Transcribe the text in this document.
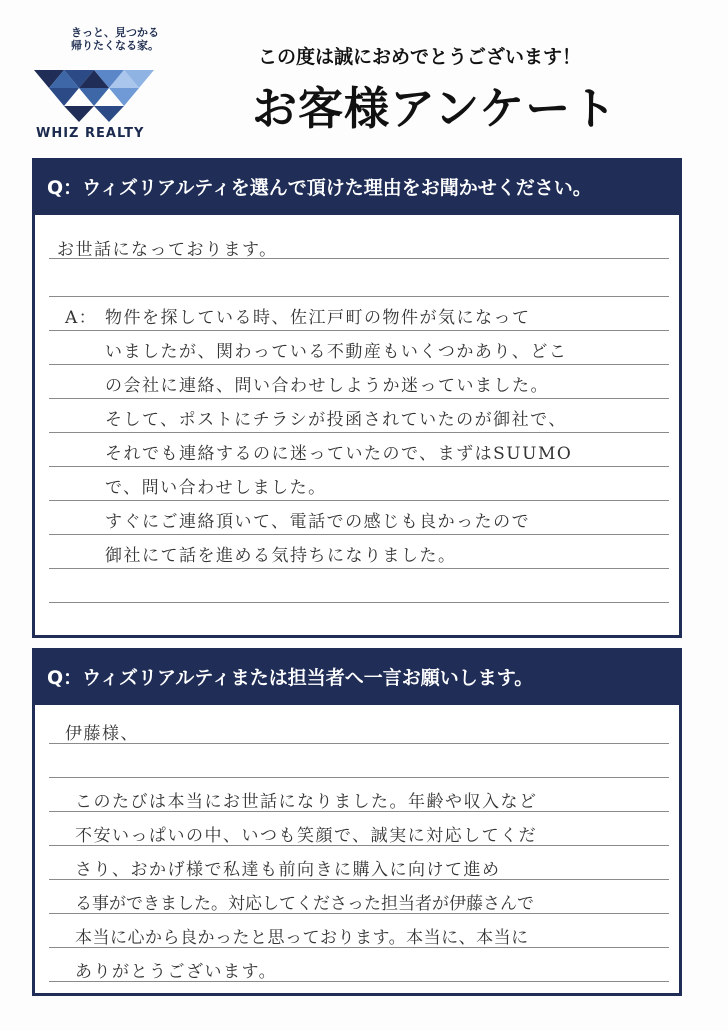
きっと、見つかる
帰りたくなる家。
WHIZ REALTY
この度は誠におめでとうございます！
お客様アンケート
Q：ウィズリアルティを選んで頂けた理由をお聞かせください。
お世話になっております。
A： 物件を探している時、佐江戸町の物件が気になって
いましたが、関わっている不動産もいくつかあり、どこ
の会社に連絡、問い合わせしようか迷っていました。
そして、ポストにチラシが投函されていたのが御社で、
それでも連絡するのに迷っていたので、まずはSUUMO
で、問い合わせしました。
すぐにご連絡頂いて、電話での感じも良かったので
御社にて話を進める気持ちになりました。
Q：ウィズリアルティまたは担当者へ一言お願いします。
伊藤様、
このたびは本当にお世話になりました。年齢や収入など
不安いっぱいの中、いつも笑顔で、誠実に対応してくだ
さり、おかげ様で私達も前向きに購入に向けて進め
る事ができました。対応してくださった担当者が伊藤さんで
本当に心から良かったと思っております。本当に、本当に
ありがとうございます。
